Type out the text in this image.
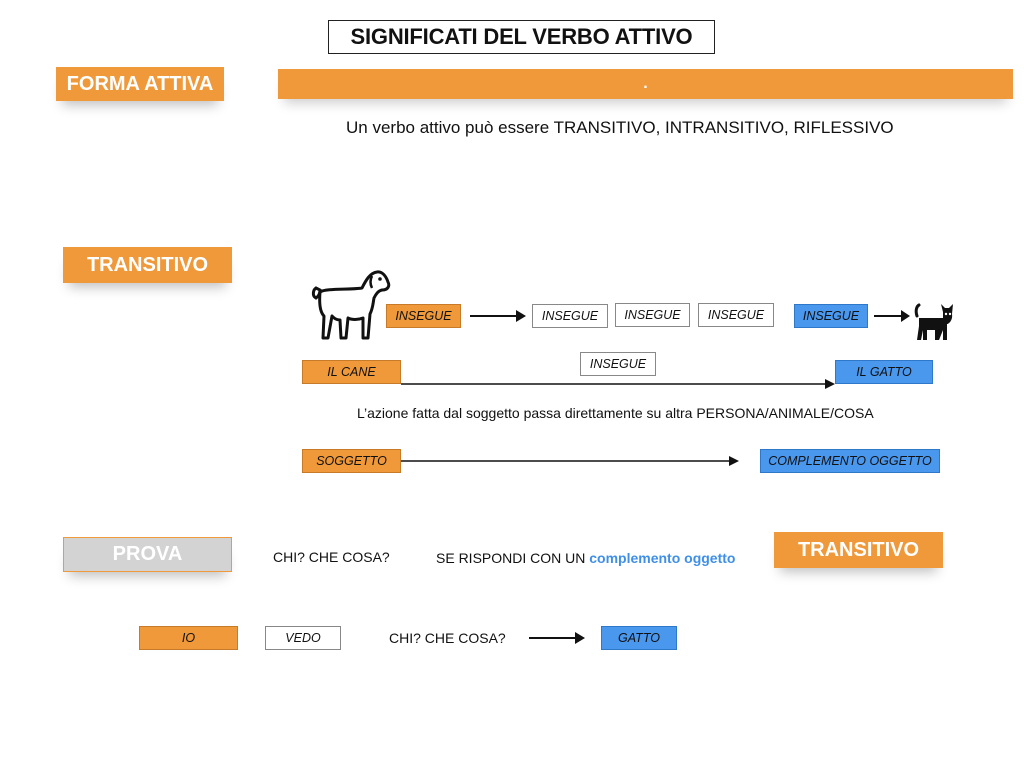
SIGNIFICATI DEL VERBO ATTIVO
FORMA ATTIVA	.
Un verbo attivo può essere TRANSITIVO, INTRANSITIVO, RIFLESSIVO
TRANSITIVO
INSEGUE	INSEGUE	INSEGUE	INSEGUE	INSEGUE
IL CANE
INSEGUE
IL GATTO
L’azione fatta dal soggetto passa direttamente su altra PERSONA/ANIMALE/COSA
SOGGETTO	COMPLEMENTO OGGETTO
PROVA	CHI? CHE COSA?	SE RISPONDI CON UN complemento oggetto	TRANSITIVO
IO	VEDO	CHI? CHE COSA?	GATTO
